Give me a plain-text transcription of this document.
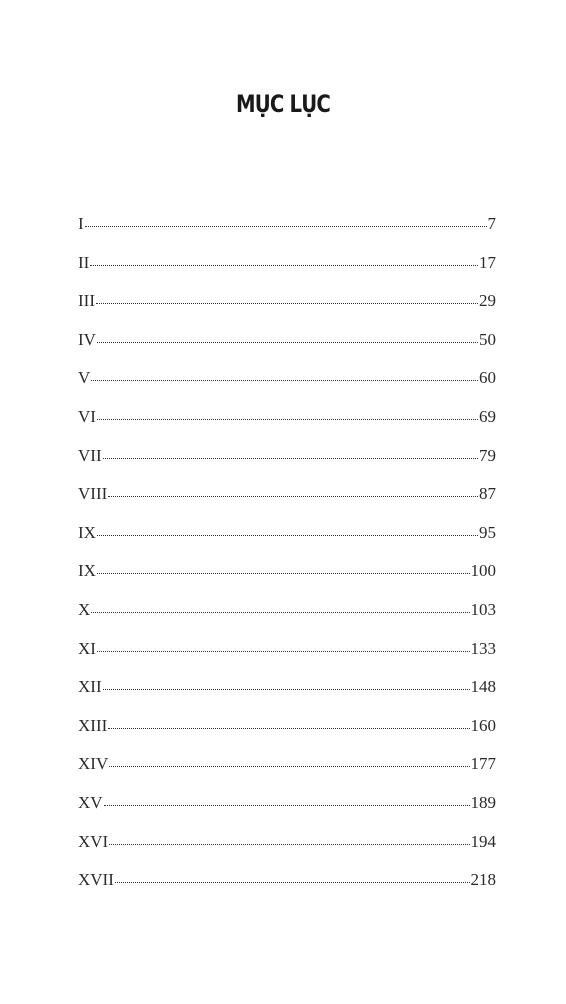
MỤC LỤC
I	7
II	17
III	29
IV	50
V	60
VI	69
VII	79
VIII	87
IX	95
IX	100
X	103
XI	133
XII	148
XIII	160
XIV	177
XV	189
XVI	194
XVII	218
